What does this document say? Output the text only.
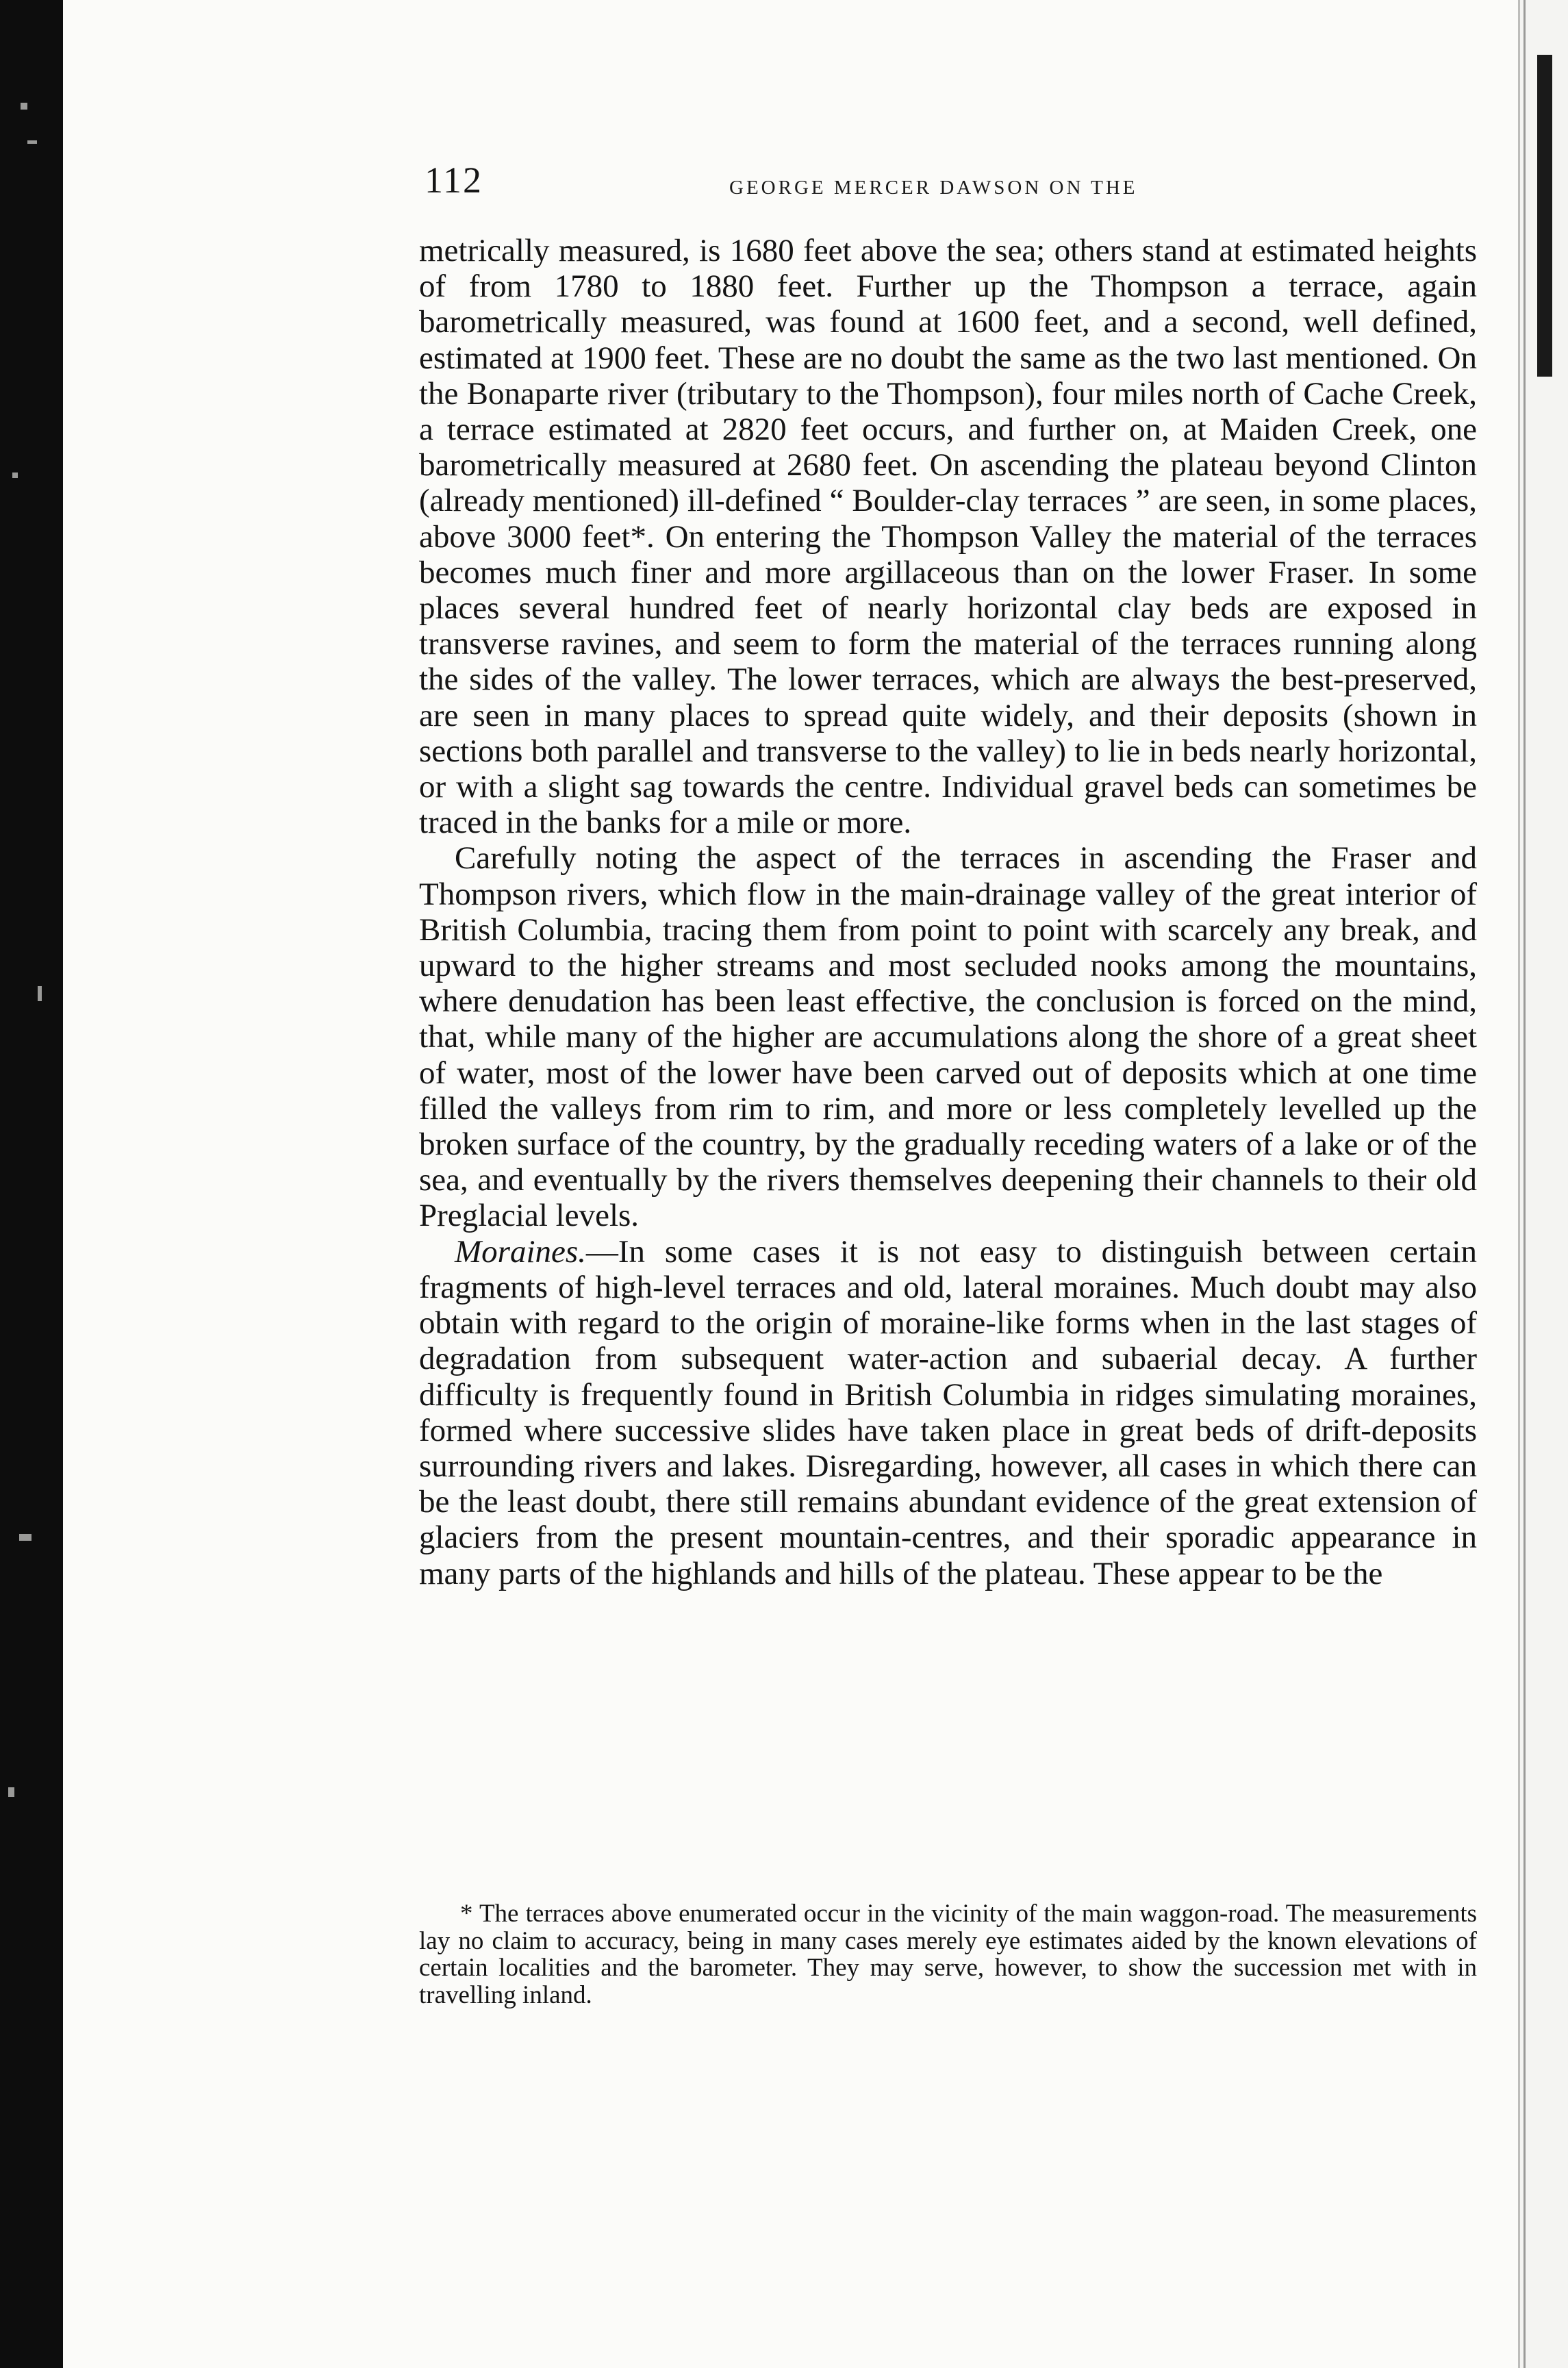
112	GEORGE MERCER DAWSON ON THE

metrically measured, is 1680 feet above the sea; others stand at estimated heights of from 1780 to 1880 feet. Further up the Thompson a terrace, again barometrically measured, was found at 1600 feet, and a second, well defined, estimated at 1900 feet. These are no doubt the same as the two last mentioned. On the Bonaparte river (tributary to the Thompson), four miles north of Cache Creek, a terrace estimated at 2820 feet occurs, and further on, at Maiden Creek, one barometrically measured at 2680 feet. On ascending the plateau beyond Clinton (already mentioned) ill-defined “ Boulder-clay terraces ” are seen, in some places, above 3000 feet*. On entering the Thompson Valley the material of the terraces becomes much finer and more argillaceous than on the lower Fraser. In some places several hundred feet of nearly horizontal clay beds are exposed in transverse ravines, and seem to form the material of the terraces running along the sides of the valley. The lower terraces, which are always the best-preserved, are seen in many places to spread quite widely, and their deposits (shown in sections both parallel and transverse to the valley) to lie in beds nearly horizontal, or with a slight sag towards the centre. Individual gravel beds can sometimes be traced in the banks for a mile or more.

Carefully noting the aspect of the terraces in ascending the Fraser and Thompson rivers, which flow in the main-drainage valley of the great interior of British Columbia, tracing them from point to point with scarcely any break, and upward to the higher streams and most secluded nooks among the mountains, where denudation has been least effective, the conclusion is forced on the mind, that, while many of the higher are accumulations along the shore of a great sheet of water, most of the lower have been carved out of deposits which at one time filled the valleys from rim to rim, and more or less completely levelled up the broken surface of the country, by the gradually receding waters of a lake or of the sea, and eventually by the rivers themselves deepening their channels to their old Preglacial levels.

Moraines.—In some cases it is not easy to distinguish between certain fragments of high-level terraces and old, lateral moraines. Much doubt may also obtain with regard to the origin of moraine-like forms when in the last stages of degradation from subsequent water-action and subaerial decay. A further difficulty is frequently found in British Columbia in ridges simulating moraines, formed where successive slides have taken place in great beds of drift-deposits surrounding rivers and lakes. Disregarding, however, all cases in which there can be the least doubt, there still remains abundant evidence of the great extension of glaciers from the present mountain-centres, and their sporadic appearance in many parts of the highlands and hills of the plateau. These appear to be the

* The terraces above enumerated occur in the vicinity of the main waggon-road. The measurements lay no claim to accuracy, being in many cases merely eye estimates aided by the known elevations of certain localities and the barometer. They may serve, however, to show the succession met with in travelling inland.
